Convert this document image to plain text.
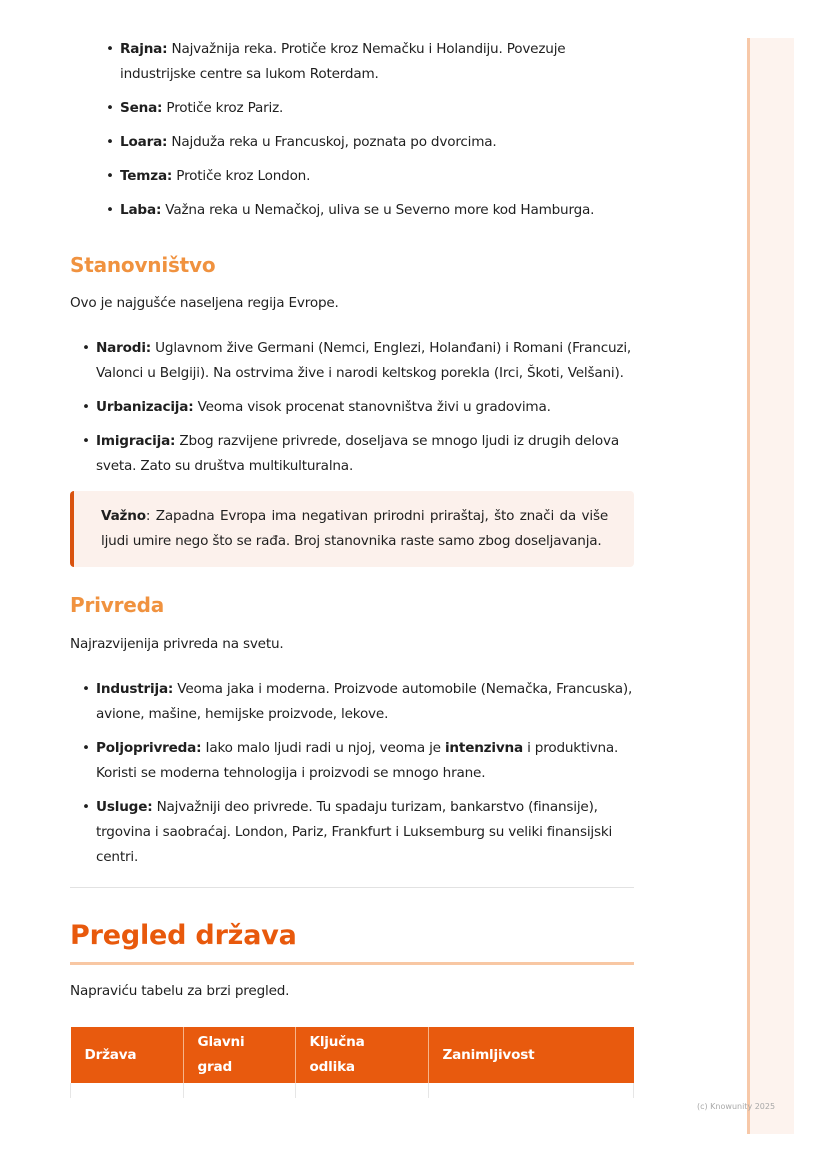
• Rajna: Najvažnija reka. Protiče kroz Nemačku i Holandiju. Povezuje industrijske centre sa lukom Roterdam.
• Sena: Protiče kroz Pariz.
• Loara: Najduža reka u Francuskoj, poznata po dvorcima.
• Temza: Protiče kroz London.
• Laba: Važna reka u Nemačkoj, uliva se u Severno more kod Hamburga.
Stanovništvo

Ovo je najgušće naseljena regija Evrope.

• Narodi: Uglavnom žive Germani (Nemci, Englezi, Holanđani) i Romani (Francuzi, Valonci u Belgiji). Na ostrvima žive i narodi keltskog porekla (Irci, Škoti, Velšani).
• Urbanizacija: Veoma visok procenat stanovništva živi u gradovima.
• Imigracija: Zbog razvijene privrede, doseljava se mnogo ljudi iz drugih delova sveta. Zato su društva multikulturalna.
Važno: Zapadna Evropa ima negativan prirodni priraštaj, što znači da više ljudi umire nego što se rađa. Broj stanovnika raste samo zbog doseljavanja.
Privreda

Najrazvijenija privreda na svetu.

• Industrija: Veoma jaka i moderna. Proizvode automobile (Nemačka, Francuska), avione, mašine, hemijske proizvode, lekove.
• Poljoprivreda: Iako malo ljudi radi u njoj, veoma je intenzivna i produktivna. Koristi se moderna tehnologija i proizvodi se mnogo hrane.
• Usluge: Najvažniji deo privrede. Tu spadaju turizam, bankarstvo (finansije), trgovina i saobraćaj. London, Pariz, Frankfurt i Luksemburg su veliki finansijski centri.
Pregled država

Napraviću tabelu za brzi pregled.

Država	Glavni grad	Ključna odlika	Zanimljivost

(c) Knowunity 2025
